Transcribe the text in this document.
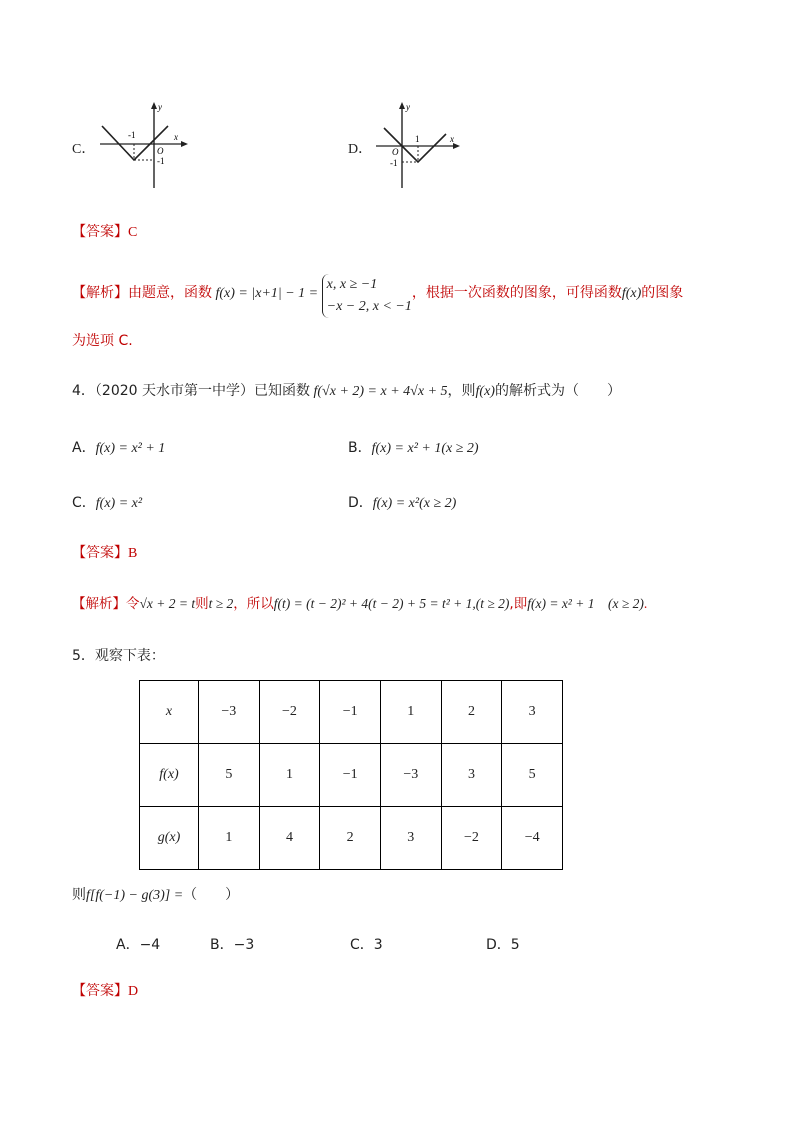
C．
-1
O
-1
x
y
D．
1
O
-1
x
y
【答案】C
【解析】由题意，函数 f(x) = |x+1| − 1 =
x, x ≥ −1
−x − 2, x < −1
，根据一次函数的图象，可得函数f(x)的图象
为选项 C.
4．（2020 天水市第一中学）已知函数 f(√x + 2) = x + 4√x + 5，则f(x)的解析式为（　　）
A．f(x) = x² + 1	B．f(x) = x² + 1(x ≥ 2)
C．f(x) = x²	D．f(x) = x²(x ≥ 2)
【答案】B
【解析】令√x + 2 = t则t ≥ 2，所以f(t) = (t − 2)² + 4(t − 2) + 5 = t² + 1,(t ≥ 2),即f(x) = x² + 1　(x ≥ 2).
5．观察下表：
x	−3	−2	−1	1	2	3
f(x)	5	1	−1	−3	3	5
g(x)	1	4	2	3	−2	−4
则f[f(−1) − g(3)] =（　　）
A．−4	B．−3	C．3	D．5
【答案】D
